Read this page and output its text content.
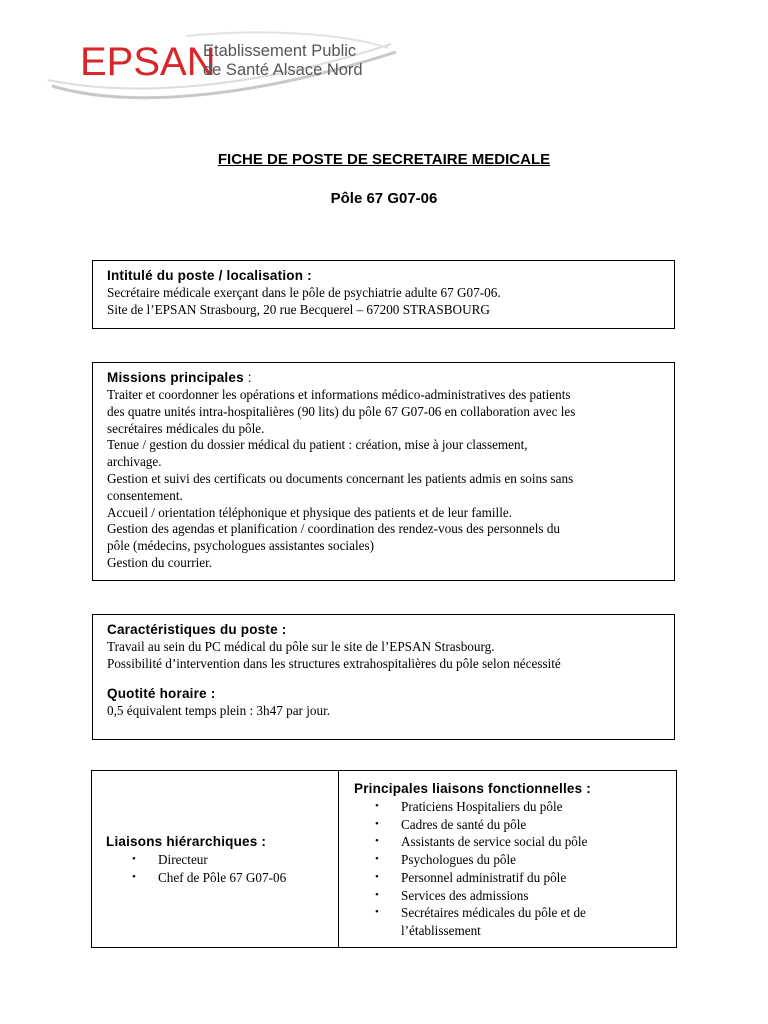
EPSAN
Etablissement Public
de Santé Alsace Nord
FICHE DE POSTE DE SECRETAIRE MEDICALE
Pôle 67 G07-06
Intitulé du poste / localisation :
Secrétaire médicale exerçant dans le pôle de psychiatrie adulte 67 G07-06.
Site de l’EPSAN Strasbourg, 20 rue Becquerel – 67200 STRASBOURG
Missions principales :
Traiter et coordonner les opérations et informations médico-administratives des patients
des quatre unités intra-hospitalières (90 lits) du pôle 67 G07-06 en collaboration avec les
secrétaires médicales du pôle.
Tenue / gestion du dossier médical du patient : création, mise à jour classement,
archivage.
Gestion et suivi des certificats ou documents concernant les patients admis en soins sans
consentement.
Accueil / orientation téléphonique et physique des patients et de leur famille.
Gestion des agendas et planification / coordination des rendez-vous des personnels du
pôle (médecins, psychologues assistantes sociales)
Gestion du courrier.
Caractéristiques du poste :
Travail au sein du PC médical du pôle sur le site de l’EPSAN Strasbourg.
Possibilité d’intervention dans les structures extrahospitalières du pôle selon nécessité
Quotité horaire :
0,5 équivalent temps plein : 3h47 par jour.
Liaisons hiérarchiques :
• Directeur
• Chef de Pôle 67 G07-06
Principales liaisons fonctionnelles :
• Praticiens Hospitaliers du pôle
• Cadres de santé du pôle
• Assistants de service social du pôle
• Psychologues du pôle
• Personnel administratif du pôle
• Services des admissions
• Secrétaires médicales du pôle et de
l’établissement
